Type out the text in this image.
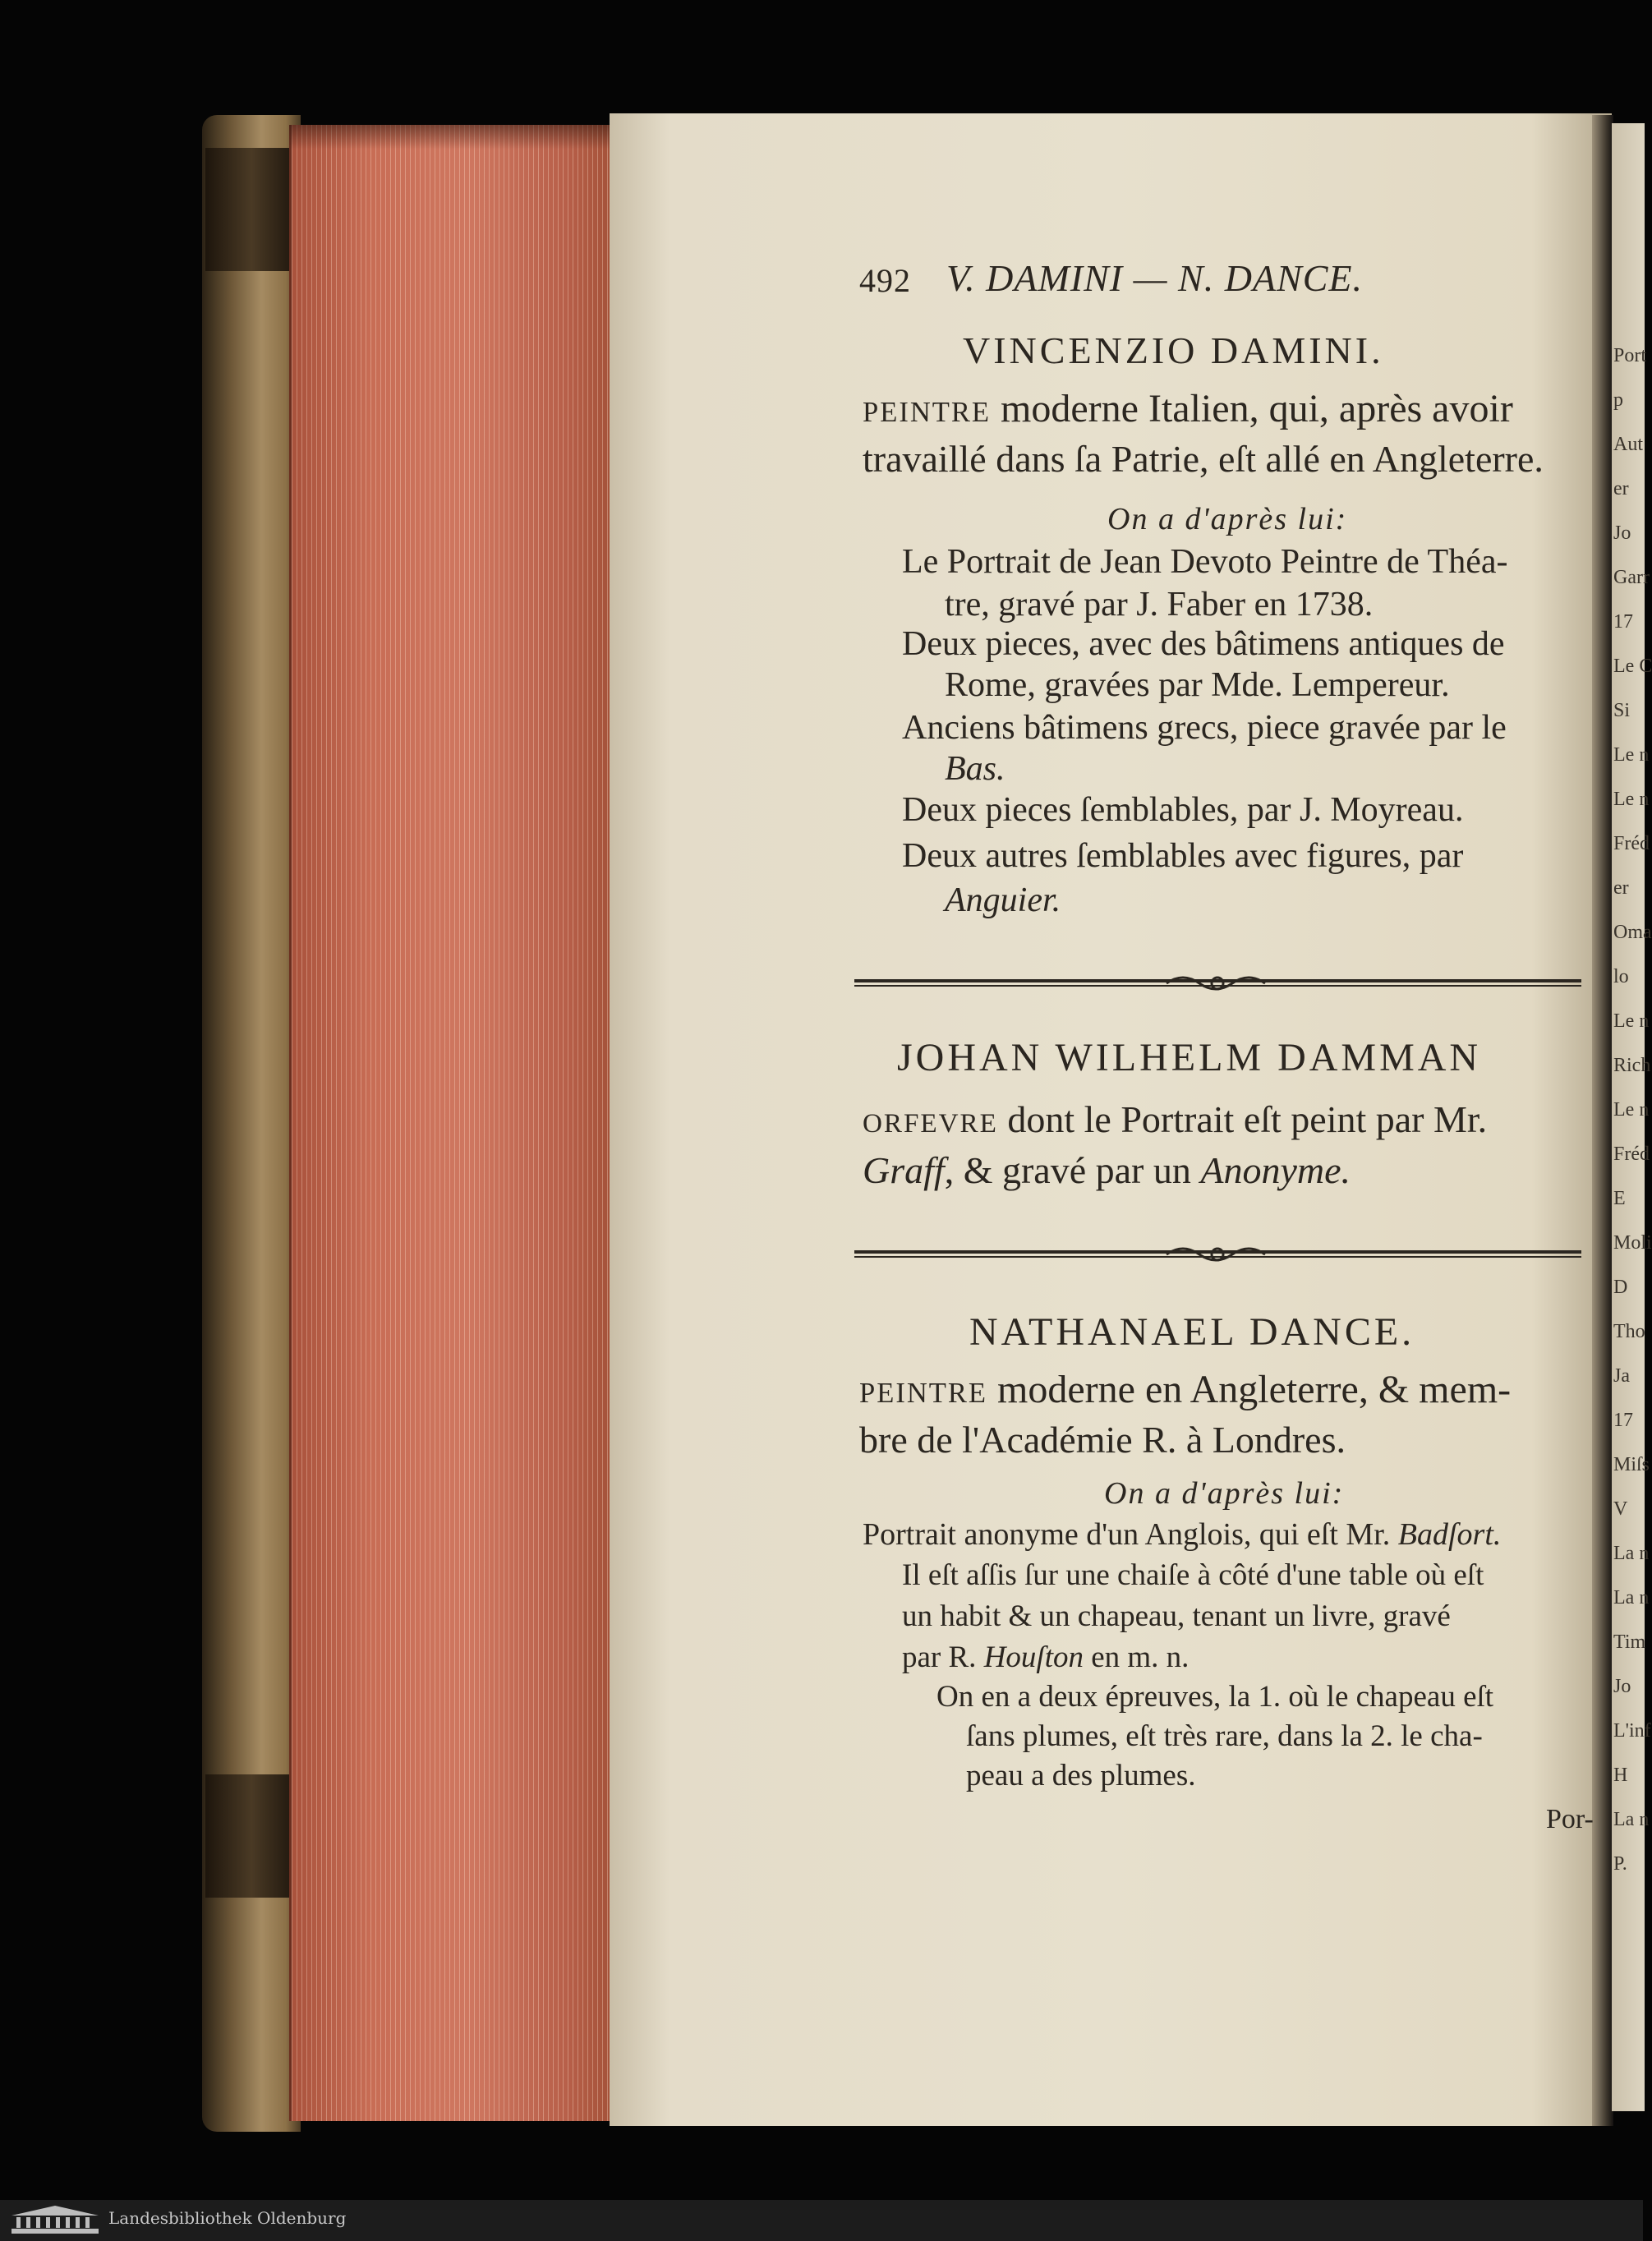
Port
p
Aut
er
Jo
Garr
17
Le C
Si
Le n
Le n
Fréd
er
Oma
lo
Le n
Rich
Le n
Fréd
E
Moli
D
Tho
Ja
17
Miſs
V
La n
La n
Tim
Jo
L'inf
H
La n
P.
492 V. DAMINI — N. DANCE.
VINCENZIO DAMINI.
PEINTRE moderne Italien, qui, après avoir
travaillé dans ſa Patrie, eſt allé en Angleterre.
On a d'après lui:
Le Portrait de Jean Devoto Peintre de Théa-
tre, gravé par J. Faber en 1738.
Deux pieces, avec des bâtimens antiques de
Rome, gravées par Mde. Lempereur.
Anciens bâtimens grecs, piece gravée par le
Bas.
Deux pieces ſemblables, par J. Moyreau.
Deux autres ſemblables avec figures, par
Anguier.
JOHAN WILHELM DAMMAN
ORFEVRE dont le Portrait eſt peint par Mr.
Graff, & gravé par un Anonyme.
NATHANAEL DANCE.
PEINTRE moderne en Angleterre, & mem-
bre de l'Académie R. à Londres.
On a d'après lui:
Portrait anonyme d'un Anglois, qui eſt Mr. Badſort.
Il eſt aſſis ſur une chaiſe à côté d'une table où eſt
un habit & un chapeau, tenant un livre, gravé
par R. Houſton en m. n.
On en a deux épreuves, la 1. où le chapeau eſt
ſans plumes, eſt très rare, dans la 2. le cha-
peau a des plumes.
Por-
Landesbibliothek Oldenburg
